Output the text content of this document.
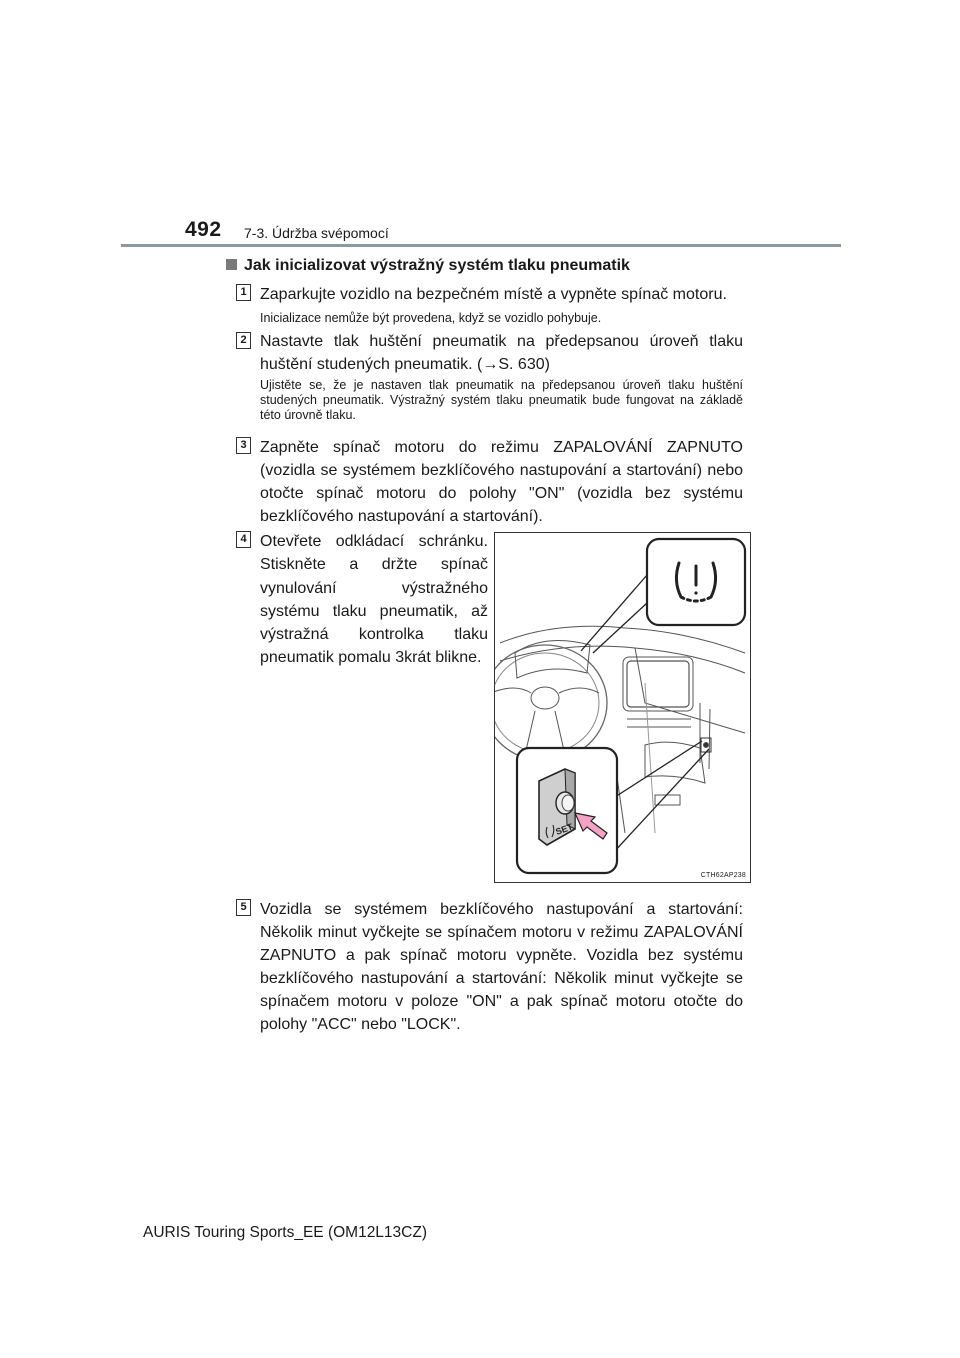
492 7-3. Údržba svépomocí
Jak inicializovat výstražný systém tlaku pneumatik
1 Zaparkujte vozidlo na bezpečném místě a vypněte spínač motoru.
Inicializace nemůže být provedena, když se vozidlo pohybuje.
2 Nastavte tlak huštění pneumatik na předepsanou úroveň tlaku huštění studených pneumatik. (→S. 630)
Ujistěte se, že je nastaven tlak pneumatik na předepsanou úroveň tlaku huštění studených pneumatik. Výstražný systém tlaku pneumatik bude fungovat na základě této úrovně tlaku.
3 Zapněte spínač motoru do režimu ZAPALOVÁNÍ ZAPNUTO (vozidla se systémem bezklíčového nastupování a startování) nebo otočte spínač motoru do polohy "ON" (vozidla bez systému bezklíčového nastupování a startování).
4 Otevřete odkládací schránku. Stiskněte a držte spínač vynulování výstražného systému tlaku pneumatik, až výstražná kontrolka tlaku pneumatik pomalu 3krát blikne.
SET
CTH62AP238
5 Vozidla se systémem bezklíčového nastupování a startování: Několik minut vyčkejte se spínačem motoru v režimu ZAPALOVÁNÍ ZAPNUTO a pak spínač motoru vypněte. Vozidla bez systému bezklíčového nastupování a startování: Několik minut vyčkejte se spínačem motoru v poloze "ON" a pak spínač motoru otočte do polohy "ACC" nebo "LOCK".
AURIS Touring Sports_EE (OM12L13CZ)
